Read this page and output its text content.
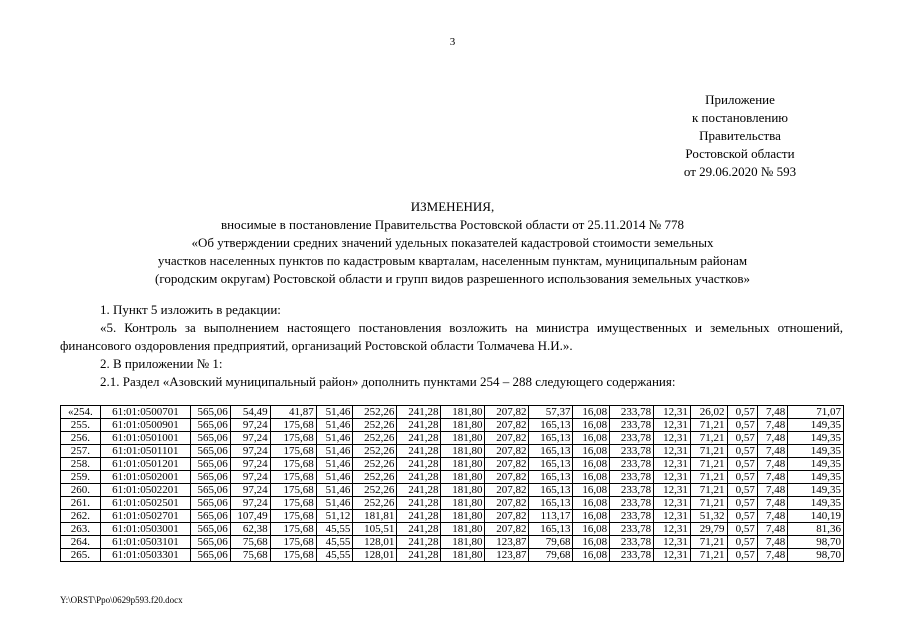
3
Приложение
к постановлению
Правительства
Ростовской области
от 29.06.2020 № 593
ИЗМЕНЕНИЯ,
вносимые в постановление Правительства Ростовской области от 25.11.2014 № 778
«Об утверждении средних значений удельных показателей кадастровой стоимости земельных
участков населенных пунктов по кадастровым кварталам, населенным пунктам, муниципальным районам
(городским округам) Ростовской области и групп видов разрешенного использования земельных участков»
1. Пункт 5 изложить в редакции:
«5. Контроль за выполнением настоящего постановления возложить на министра имущественных и земельных отношений, финансового оздоровления предприятий, организаций Ростовской области Толмачева Н.И.».
2. В приложении № 1:
2.1. Раздел «Азовский муниципальный район» дополнить пунктами 254 – 288 следующего содержания:
«254.	61:01:0500701	565,06	54,49	41,87	51,46	252,26	241,28	181,80	207,82	57,37	16,08	233,78	12,31	26,02	0,57	7,48	71,07
255.	61:01:0500901	565,06	97,24	175,68	51,46	252,26	241,28	181,80	207,82	165,13	16,08	233,78	12,31	71,21	0,57	7,48	149,35
256.	61:01:0501001	565,06	97,24	175,68	51,46	252,26	241,28	181,80	207,82	165,13	16,08	233,78	12,31	71,21	0,57	7,48	149,35
257.	61:01:0501101	565,06	97,24	175,68	51,46	252,26	241,28	181,80	207,82	165,13	16,08	233,78	12,31	71,21	0,57	7,48	149,35
258.	61:01:0501201	565,06	97,24	175,68	51,46	252,26	241,28	181,80	207,82	165,13	16,08	233,78	12,31	71,21	0,57	7,48	149,35
259.	61:01:0502001	565,06	97,24	175,68	51,46	252,26	241,28	181,80	207,82	165,13	16,08	233,78	12,31	71,21	0,57	7,48	149,35
260.	61:01:0502201	565,06	97,24	175,68	51,46	252,26	241,28	181,80	207,82	165,13	16,08	233,78	12,31	71,21	0,57	7,48	149,35
261.	61:01:0502501	565,06	97,24	175,68	51,46	252,26	241,28	181,80	207,82	165,13	16,08	233,78	12,31	71,21	0,57	7,48	149,35
262.	61:01:0502701	565,06	107,49	175,68	51,12	181,81	241,28	181,80	207,82	113,17	16,08	233,78	12,31	51,32	0,57	7,48	140,19
263.	61:01:0503001	565,06	62,38	175,68	45,55	105,51	241,28	181,80	207,82	165,13	16,08	233,78	12,31	29,79	0,57	7,48	81,36
264.	61:01:0503101	565,06	75,68	175,68	45,55	128,01	241,28	181,80	123,87	79,68	16,08	233,78	12,31	71,21	0,57	7,48	98,70
265.	61:01:0503301	565,06	75,68	175,68	45,55	128,01	241,28	181,80	123,87	79,68	16,08	233,78	12,31	71,21	0,57	7,48	98,70
Y:\ORST\Ppo\0629p593.f20.docx
